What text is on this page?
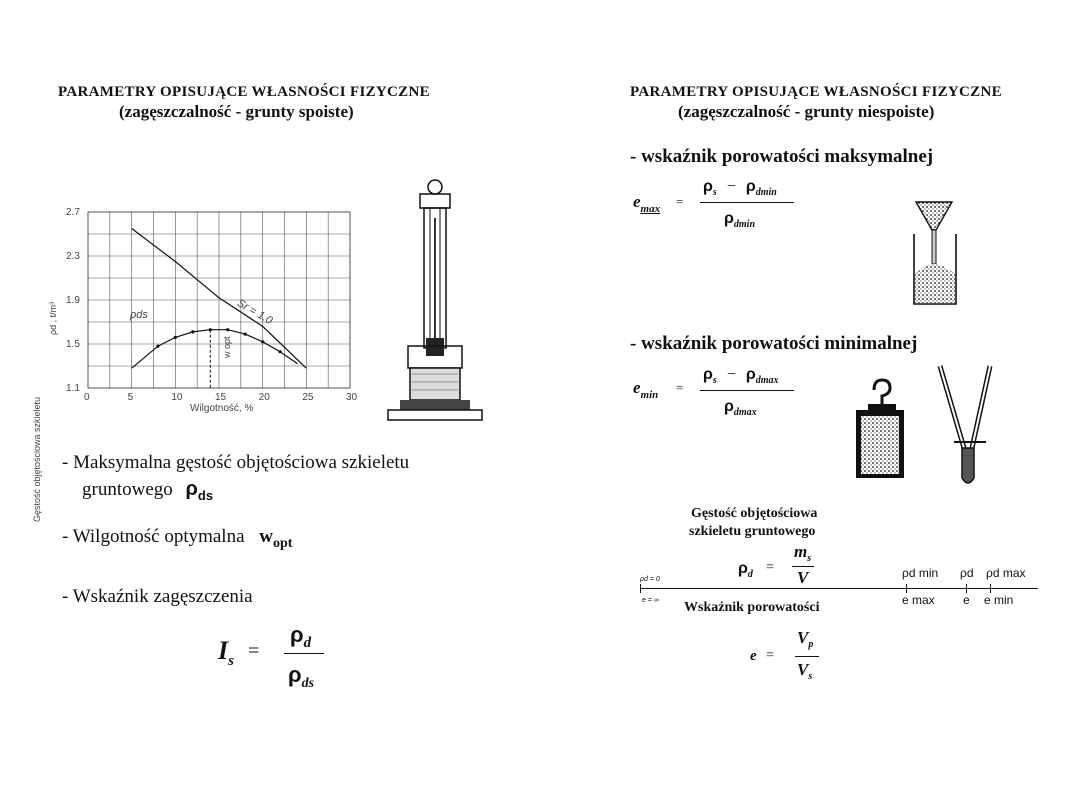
PARAMETRY OPISUJĄCE WŁASNOŚCI FIZYCZNE
(zagęszczalność - grunty spoiste)
0	5	10	15	20	25	30
2.7
2.3
1.9
1.5
1.1
Gęstość objętościowa szkieletu
ρd , t/m³
Wilgotność, %
Sr = 1.0
ρds
w opt
- Maksymalna gęstość objętościowa szkieletu
gruntowego $\rho_{ds}$
- Wilgotność optymalna $w_{opt}$
- Wskaźnik zagęszczenia
$I_s$ =
$\rho_d$
$\rho_{ds}$
PARAMETRY OPISUJĄCE WŁASNOŚCI FIZYCZNE
(zagęszczalność - grunty niespoiste)
- wskaźnik porowatości maksymalnej
$e_{max}$ =
$\rho_s - \rho_{dmin}$
$\rho_{dmin}$
- wskaźnik porowatości minimalnej
$e_{min}$ =
$\rho_s - \rho_{dmax}$
$\rho_{dmax}$
Gęstość objętościowa
szkieletu gruntowego
$\rho_d$ =
$m_s$
V
ρd = 0	ρd min ρd ρd max
e = ∞	e max e e min
Wskaźnik porowatości
e =
$V_p$
$V_s$
